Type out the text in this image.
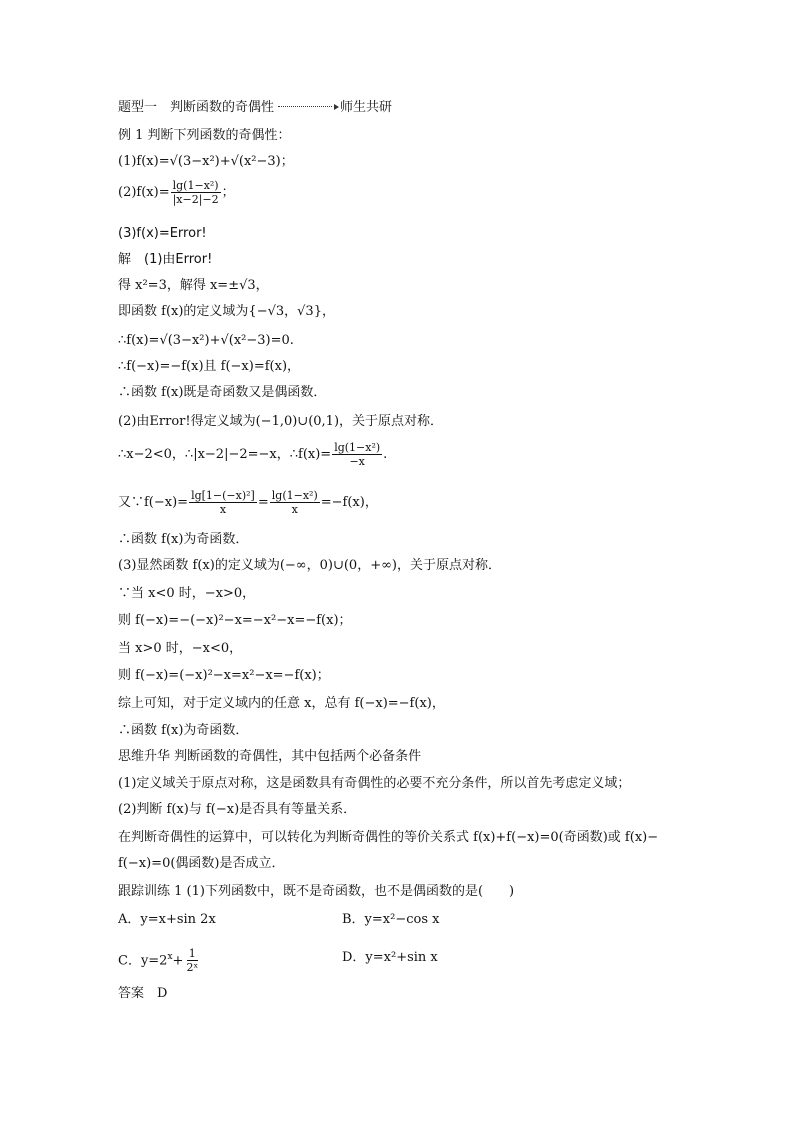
题型一　判断函数的奇偶性	师生共研
例 1 判断下列函数的奇偶性：
(1)f(x)=√(3−x²)+√(x²−3)；
$(2)f(x)= \frac{\text{lg(1−x²)}}{|x-2|-2}$ ；
(3)f(x)=Error!
解　(1)由Error!
得 x²=3，解得 x=±√3，
即函数 f(x)的定义域为{−√3，√3}，
∴f(x)=√(3−x²)+√(x²−3)=0.
∴f(−x)=−f(x)且 f(−x)=f(x)，
∴函数 f(x)既是奇函数又是偶函数．
(2)由Error!得定义域为(−1,0)∪(0,1)，关于原点对称．
∴x−2<0，∴|x−2|−2=−x，∴f(x)= $\frac{\text{lg(1−x²)}}{-x}$ .
又∵f(−x)= $\frac{\text{lg[1−(−x)²]}}{x} = \frac{\text{lg(1−x²)}}{x} =-f(x)$，
∴函数 f(x)为奇函数．
(3)显然函数 f(x)的定义域为(−∞，0)∪(0，+∞)，关于原点对称．
∵当 x<0 时，−x>0，
则 f(−x)=−(−x)²−x=−x²−x=−f(x)；
当 x>0 时，−x<0，
则 f(−x)=(−x)²−x=x²−x=−f(x)；
综上可知，对于定义域内的任意 x，总有 f(−x)=−f(x)，
∴函数 f(x)为奇函数．
思维升华 判断函数的奇偶性，其中包括两个必备条件
(1)定义域关于原点对称，这是函数具有奇偶性的必要不充分条件，所以首先考虑定义域；
(2)判断 f(x)与 f(−x)是否具有等量关系．
在判断奇偶性的运算中，可以转化为判断奇偶性的等价关系式 f(x)+f(−x)=0(奇函数)或 f(x)−
f(−x)=0(偶函数)是否成立．
跟踪训练 1 (1)下列函数中，既不是奇函数，也不是偶函数的是(　　)
A．y=x+sin 2x	B．y=x²−cos x
C．$y=2^x+ \frac{1}{\text{2ˣ}}$	D．y=x²+sin x
答案　D
